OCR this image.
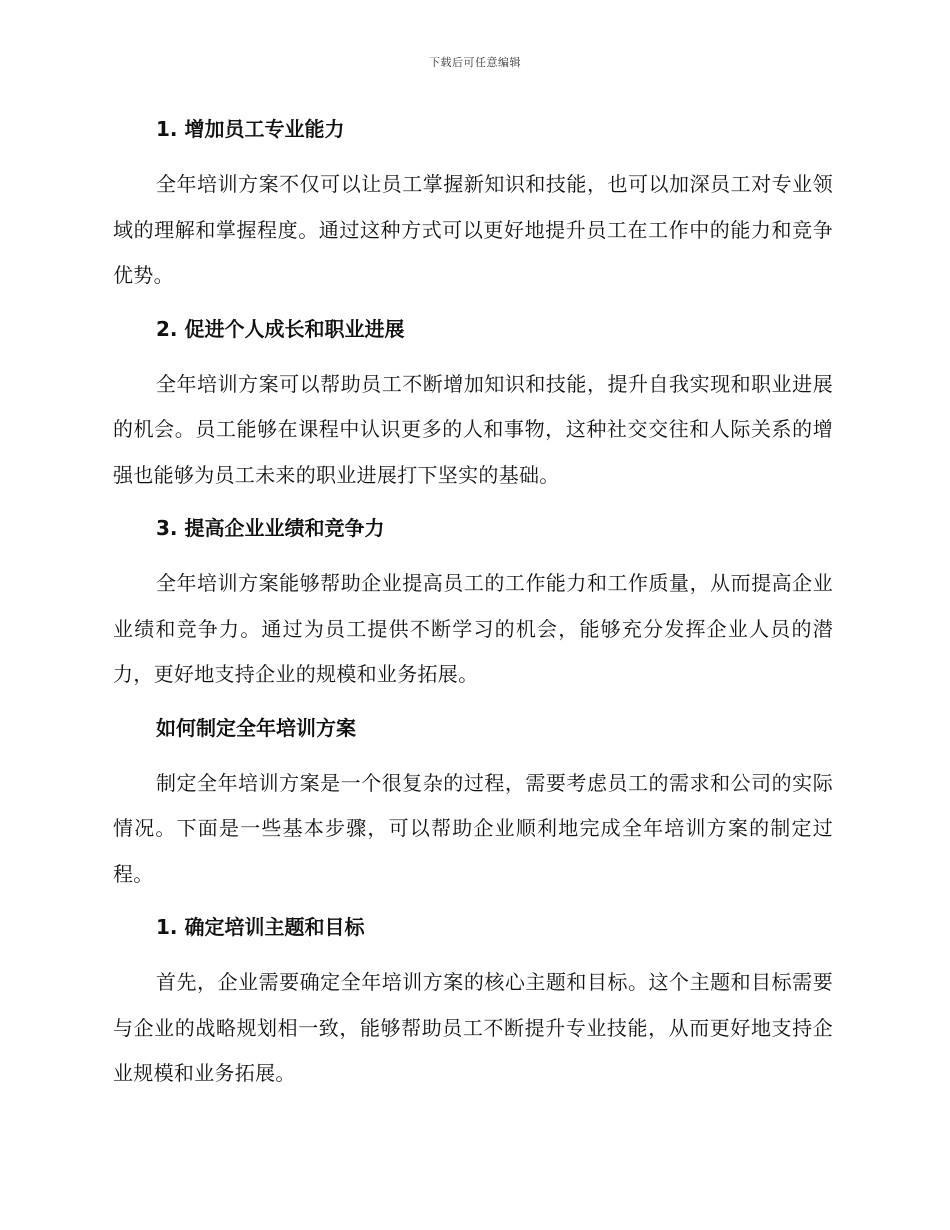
下载后可任意编辑
1. 增加员工专业能力

全年培训方案不仅可以让员工掌握新知识和技能，也可以加深员工对专业领域的理解和掌握程度。通过这种方式可以更好地提升员工在工作中的能力和竞争优势。

2. 促进个人成长和职业进展

全年培训方案可以帮助员工不断增加知识和技能，提升自我实现和职业进展的机会。员工能够在课程中认识更多的人和事物，这种社交交往和人际关系的增强也能够为员工未来的职业进展打下坚实的基础。

3. 提高企业业绩和竞争力

全年培训方案能够帮助企业提高员工的工作能力和工作质量，从而提高企业业绩和竞争力。通过为员工提供不断学习的机会，能够充分发挥企业人员的潜力，更好地支持企业的规模和业务拓展。

如何制定全年培训方案

制定全年培训方案是一个很复杂的过程，需要考虑员工的需求和公司的实际情况。下面是一些基本步骤，可以帮助企业顺利地完成全年培训方案的制定过程。

1. 确定培训主题和目标

首先，企业需要确定全年培训方案的核心主题和目标。这个主题和目标需要与企业的战略规划相一致，能够帮助员工不断提升专业技能，从而更好地支持企业规模和业务拓展。
